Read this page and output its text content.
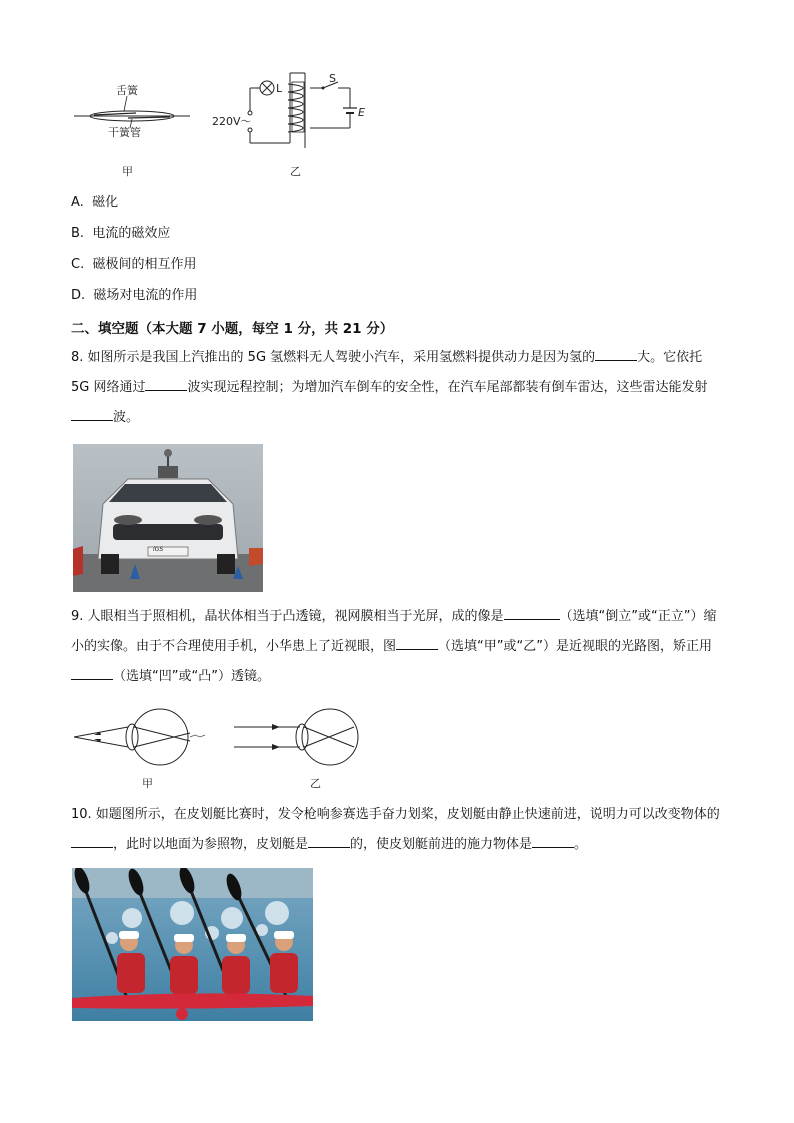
舌簧
干簧管
甲
220V～
L
S
E
乙
A. 磁化
B. 电流的磁效应
C. 磁极间的相互作用
D. 磁场对电流的作用
二、填空题（本大题 7 小题，每空 1 分，共 21 分）
8. 如图所示是我国上汽推出的 5G 氢燃料无人驾驶小汽车，采用氢燃料提供动力是因为氢的	大。它依托 5G 网络通过	波实现远程控制；为增加汽车倒车的安全性，在汽车尾部都装有倒车雷达，这些雷达能发射波。
iGS
9. 人眼相当于照相机，晶状体相当于凸透镜，视网膜相当于光屏，成的像是	（选填“倒立”或“正立”）缩小的实像。由于不合理使用手机，小华患上了近视眼，图	（选填“甲”或“乙”）是近视眼的光路图，矫正用（选填“凹”或“凸”）透镜。
甲	乙
10. 如题图所示，在皮划艇比赛时，发令枪响参赛选手奋力划桨，皮划艇由静止快速前进，说明力可以改变物体的，此时以地面为参照物，皮划艇是	的，使皮划艇前进的施力物体是	。
